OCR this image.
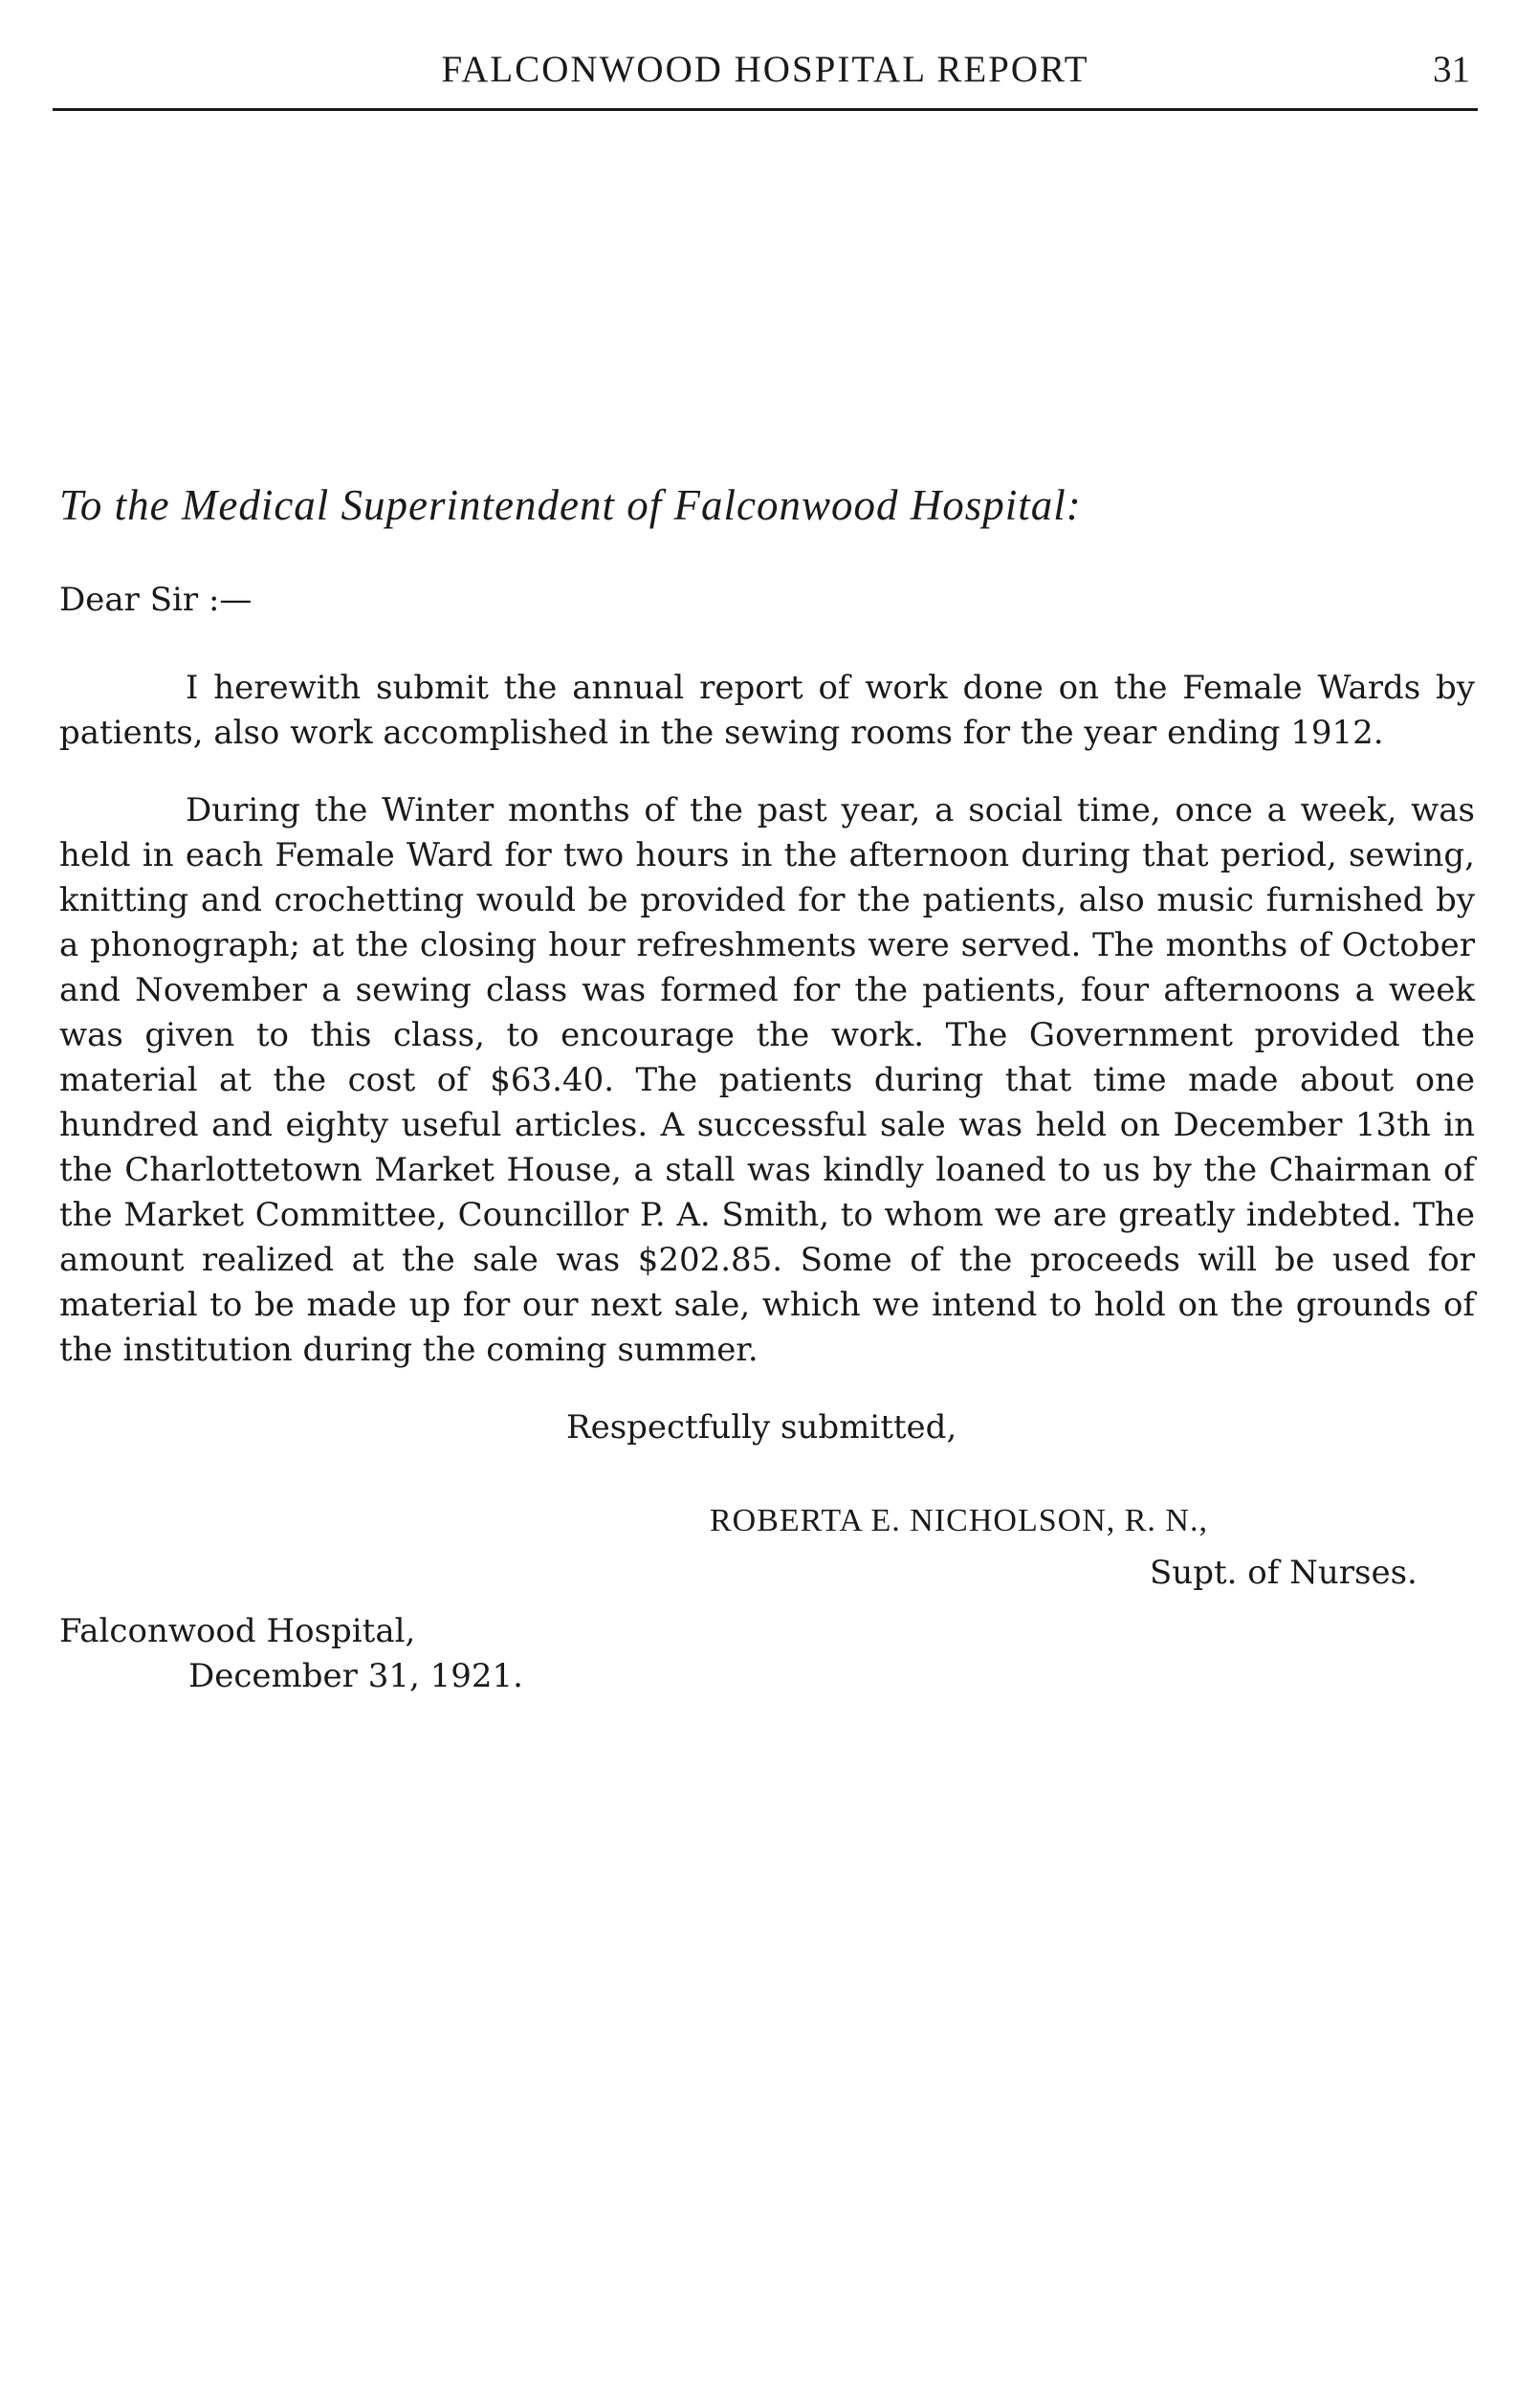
FALCONWOOD HOSPITAL REPORT	31

To the Medical Superintendent of Falconwood Hospital:

Dear Sir :—

I herewith submit the annual report of work done on the Female Wards by patients, also work accomplished in the sewing rooms for the year ending 1912.

During the Winter months of the past year, a social time, once a week, was held in each Female Ward for two hours in the afternoon during that period, sewing, knitting and crochetting would be provided for the patients, also music furnished by a phonograph; at the closing hour refreshments were served. The months of October and November a sewing class was formed for the patients, four afternoons a week was given to this class, to encourage the work. The Government provided the material at the cost of $63.40. The patients during that time made about one hundred and eighty useful articles. A successful sale was held on December 13th in the Charlottetown Market House, a stall was kindly loaned to us by the Chairman of the Market Committee, Councillor P. A. Smith, to whom we are greatly indebted. The amount realized at the sale was $202.85. Some of the proceeds will be used for material to be made up for our next sale, which we intend to hold on the grounds of the institution during the coming summer.

Respectfully submitted,

ROBERTA E. NICHOLSON, R. N.,

Supt. of Nurses.

Falconwood Hospital,

December 31, 1921.
